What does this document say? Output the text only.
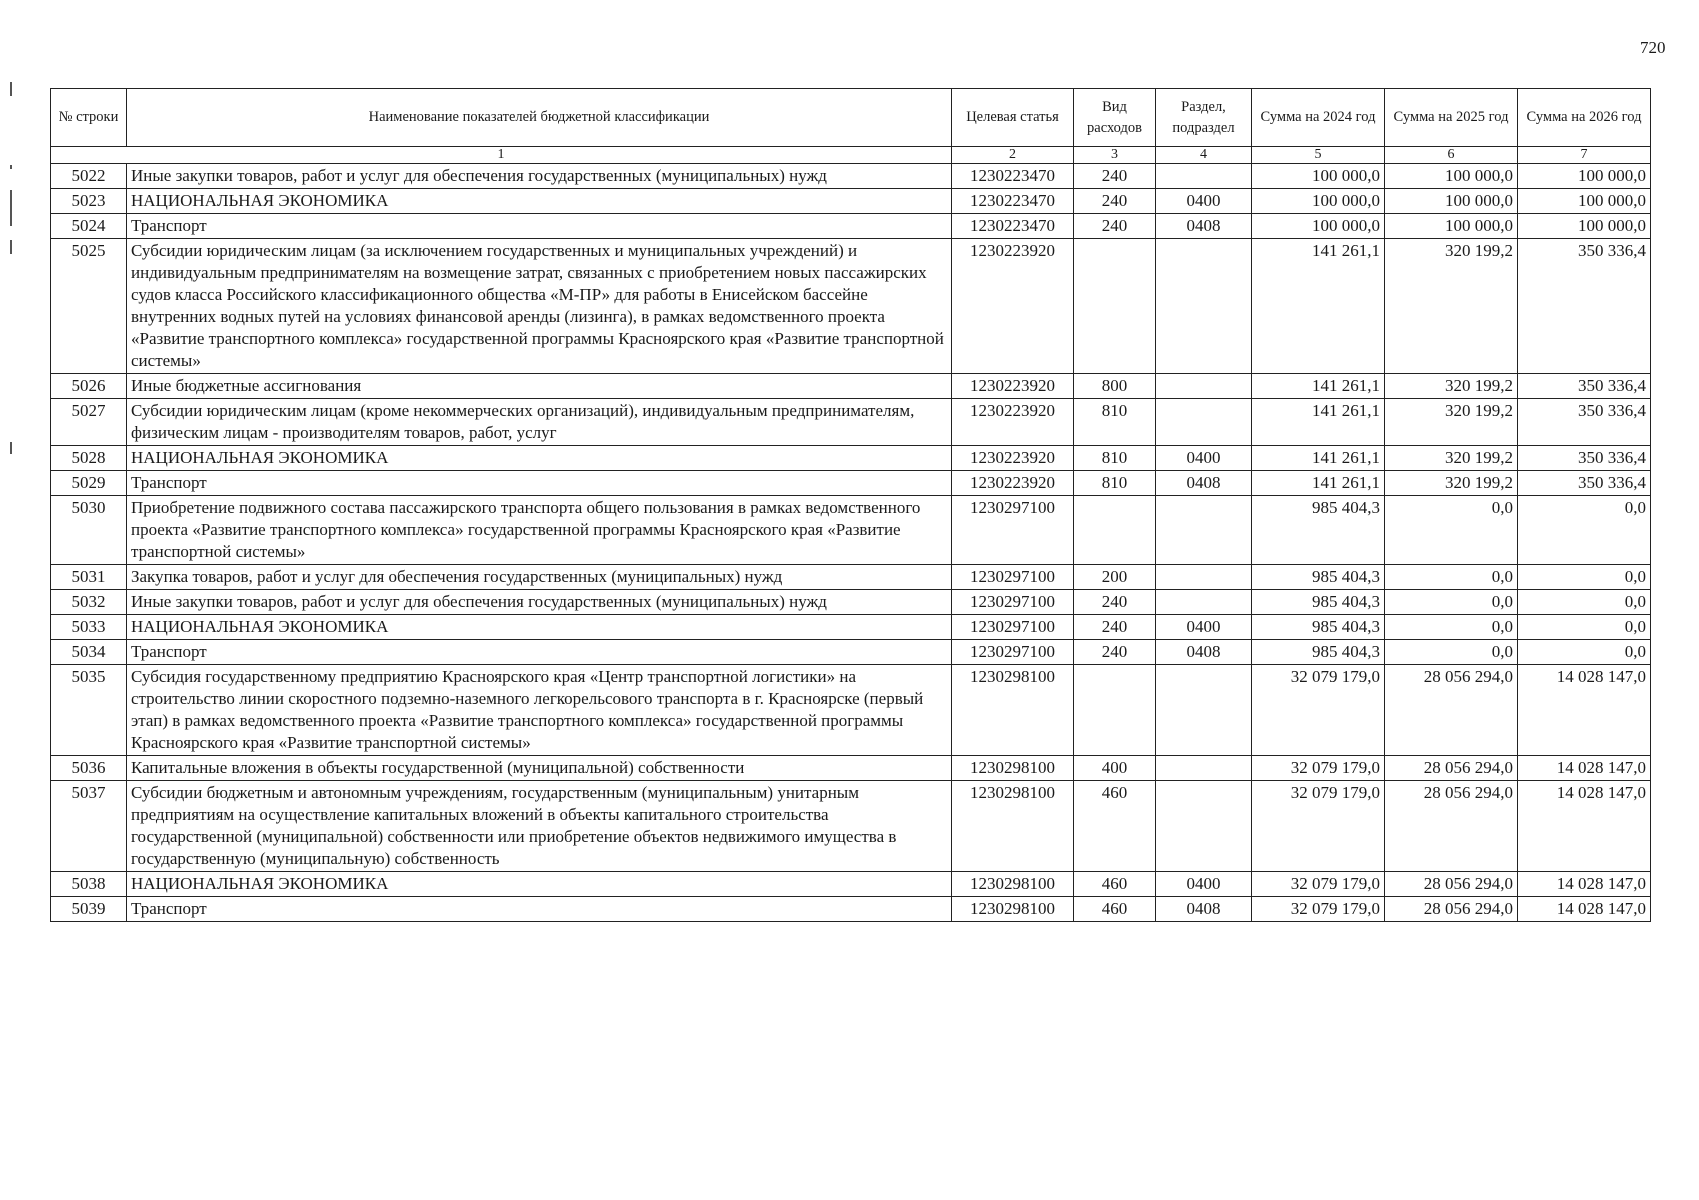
720
№ строки	Наименование показателей бюджетной классификации	Целевая статья	Вид расходов	Раздел, подраздел	Сумма на 2024 год	Сумма на 2025 год	Сумма на 2026 год
1		2	3	4	5	6	7
5022	Иные закупки товаров, работ и услуг для обеспечения государственных (муниципальных) нужд	1230223470	240		100 000,0	100 000,0	100 000,0
5023	НАЦИОНАЛЬНАЯ ЭКОНОМИКА	1230223470	240	0400	100 000,0	100 000,0	100 000,0
5024	Транспорт	1230223470	240	0408	100 000,0	100 000,0	100 000,0
5025	Субсидии юридическим лицам (за исключением государственных и муниципальных учреждений) и индивидуальным предпринимателям на возмещение затрат, связанных с приобретением новых пассажирских судов класса Российского классификационного общества «М-ПР» для работы в Енисейском бассейне внутренних водных путей на условиях финансовой аренды (лизинга), в рамках ведомственного проекта «Развитие транспортного комплекса» государственной программы Красноярского края «Развитие транспортной системы»	1230223920			141 261,1	320 199,2	350 336,4
5026	Иные бюджетные ассигнования	1230223920	800		141 261,1	320 199,2	350 336,4
5027	Субсидии юридическим лицам (кроме некоммерческих организаций), индивидуальным предпринимателям, физическим лицам - производителям товаров, работ, услуг	1230223920	810		141 261,1	320 199,2	350 336,4
5028	НАЦИОНАЛЬНАЯ ЭКОНОМИКА	1230223920	810	0400	141 261,1	320 199,2	350 336,4
5029	Транспорт	1230223920	810	0408	141 261,1	320 199,2	350 336,4
5030	Приобретение подвижного состава пассажирского транспорта общего пользования в рамках ведомственного проекта «Развитие транспортного комплекса» государственной программы Красноярского края «Развитие транспортной системы»	1230297100			985 404,3	0,0	0,0
5031	Закупка товаров, работ и услуг для обеспечения государственных (муниципальных) нужд	1230297100	200		985 404,3	0,0	0,0
5032	Иные закупки товаров, работ и услуг для обеспечения государственных (муниципальных) нужд	1230297100	240		985 404,3	0,0	0,0
5033	НАЦИОНАЛЬНАЯ ЭКОНОМИКА	1230297100	240	0400	985 404,3	0,0	0,0
5034	Транспорт	1230297100	240	0408	985 404,3	0,0	0,0
5035	Субсидия государственному предприятию Красноярского края «Центр транспортной логистики» на строительство линии скоростного подземно-наземного легкорельсового транспорта в г. Красноярске (первый этап) в рамках ведомственного проекта «Развитие транспортного комплекса» государственной программы Красноярского края «Развитие транспортной системы»	1230298100			32 079 179,0	28 056 294,0	14 028 147,0
5036	Капитальные вложения в объекты государственной (муниципальной) собственности	1230298100	400		32 079 179,0	28 056 294,0	14 028 147,0
5037	Субсидии бюджетным и автономным учреждениям, государственным (муниципальным) унитарным предприятиям на осуществление капитальных вложений в объекты капитального строительства государственной (муниципальной) собственности или приобретение объектов недвижимого имущества в государственную (муниципальную) собственность	1230298100	460		32 079 179,0	28 056 294,0	14 028 147,0
5038	НАЦИОНАЛЬНАЯ ЭКОНОМИКА	1230298100	460	0400	32 079 179,0	28 056 294,0	14 028 147,0
5039	Транспорт	1230298100	460	0408	32 079 179,0	28 056 294,0	14 028 147,0
